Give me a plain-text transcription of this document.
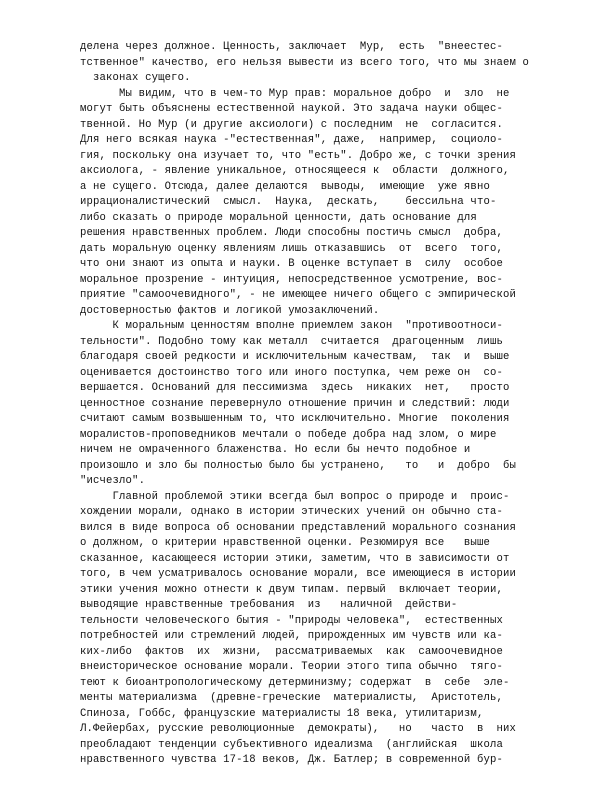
делена через должное. Ценность, заключает  Мур,  есть  "внеестес-
тственное" качество, его нельзя вывести из всего того, что мы знаем о
законах сущего.
Мы видим, что в чем-то Мур прав: моральное добро  и  зло  не
могут быть объяснены естественной наукой. Это задача науки общес-
твенной. Но Мур (и другие аксиологи) с последним  не  согласится.
Для него всякая наука -"естественная", даже,  например,  социоло-
гия, поскольку она изучает то, что "есть". Добро же, с точки зрения
аксиолога, - явление уникальное, относящееся к  области  должного,
а не сущего. Отсюда, далее делаются  выводы,  имеющие  уже явно
иррационалистический  смысл.  Наука,  дескать,    бессильна что-
либо сказать о природе моральной ценности, дать основание для
решения нравственных проблем. Люди способны постичь смысл  добра,
дать моральную оценку явлениям лишь отказавшись  от  всего  того,
что они знают из опыта и науки. В оценке вступает в  силу  особое
моральное прозрение - интуиция, непосредственное усмотрение, вос-
приятие "самоочевидного", - не имеющее ничего общего с эмпирической
достоверностью фактов и логикой умозаключений.
К моральным ценностям вполне приемлем закон  "противоотноси-
тельности". Подобно тому как металл  считается  драгоценным  лишь
благодаря своей редкости и исключительным качествам,  так  и  выше
оценивается достоинство того или иного поступка, чем реже он  со-
вершается. Оснований для пессимизма  здесь  никаких  нет,   просто
ценностное сознание перевернуло отношение причин и следствий: люди
считают самым возвышенным то, что исключительно. Многие  поколения
моралистов-проповедников мечтали о победе добра над злом, о мире
ничем не омраченного блаженства. Но если бы нечто подобное и
произошло и зло бы полностью было бы устранено,   то   и  добро  бы
"исчезло".
Главной проблемой этики всегда был вопрос о природе и  проис-
хождении морали, однако в истории этических учений он обычно ста-
вился в виде вопроса об основании представлений морального сознания
о должном, о критерии нравственной оценки. Резюмируя все   выше
сказанное, касающееся истории этики, заметим, что в зависимости от
того, в чем усматривалось основание морали, все имеющиеся в истории
этики учения можно отнести к двум типам. первый  включает теории,
выводящие нравственные требования  из   наличной  действи-
тельности человеческого бытия - "природы человека",  естественных
потребностей или стремлений людей, прирожденных им чувств или ка-
ких-либо  фактов  их  жизни,  рассматриваемых  как  самоочевидное
внеисторическое основание морали. Теории этого типа обычно  тяго-
теют к биоантропологическому детерминизму; содержат  в  себе  эле-
менты материализма  (древне-греческие  материалисты,  Аристотель,
Спиноза, Гоббс, французские материалисты 18 века, утилитаризм,
Л.Фейербах, русские революционные  демократы),   но   часто  в  них
преобладают тенденции субъективного идеализма  (английская  школа
нравственного чувства 17-18 веков, Дж. Батлер; в современной бур-
